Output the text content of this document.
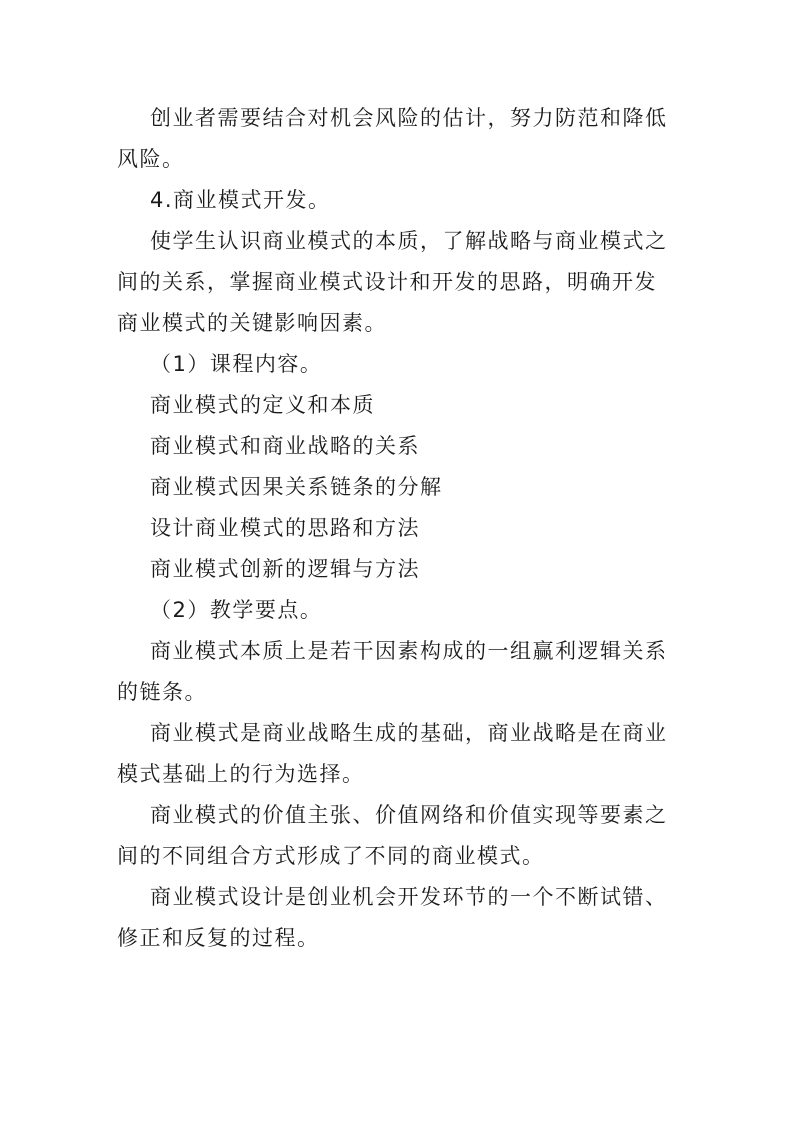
创业者需要结合对机会风险的估计，努力防范和降低风险。

4.商业模式开发。

使学生认识商业模式的本质，了解战略与商业模式之间的关系，掌握商业模式设计和开发的思路，明确开发商业模式的关键影响因素。

（1）课程内容。

商业模式的定义和本质

商业模式和商业战略的关系

商业模式因果关系链条的分解

设计商业模式的思路和方法

商业模式创新的逻辑与方法

（2）教学要点。

商业模式本质上是若干因素构成的一组赢利逻辑关系的链条。

商业模式是商业战略生成的基础，商业战略是在商业模式基础上的行为选择。

商业模式的价值主张、价值网络和价值实现等要素之间的不同组合方式形成了不同的商业模式。

商业模式设计是创业机会开发环节的一个不断试错、修正和反复的过程。
